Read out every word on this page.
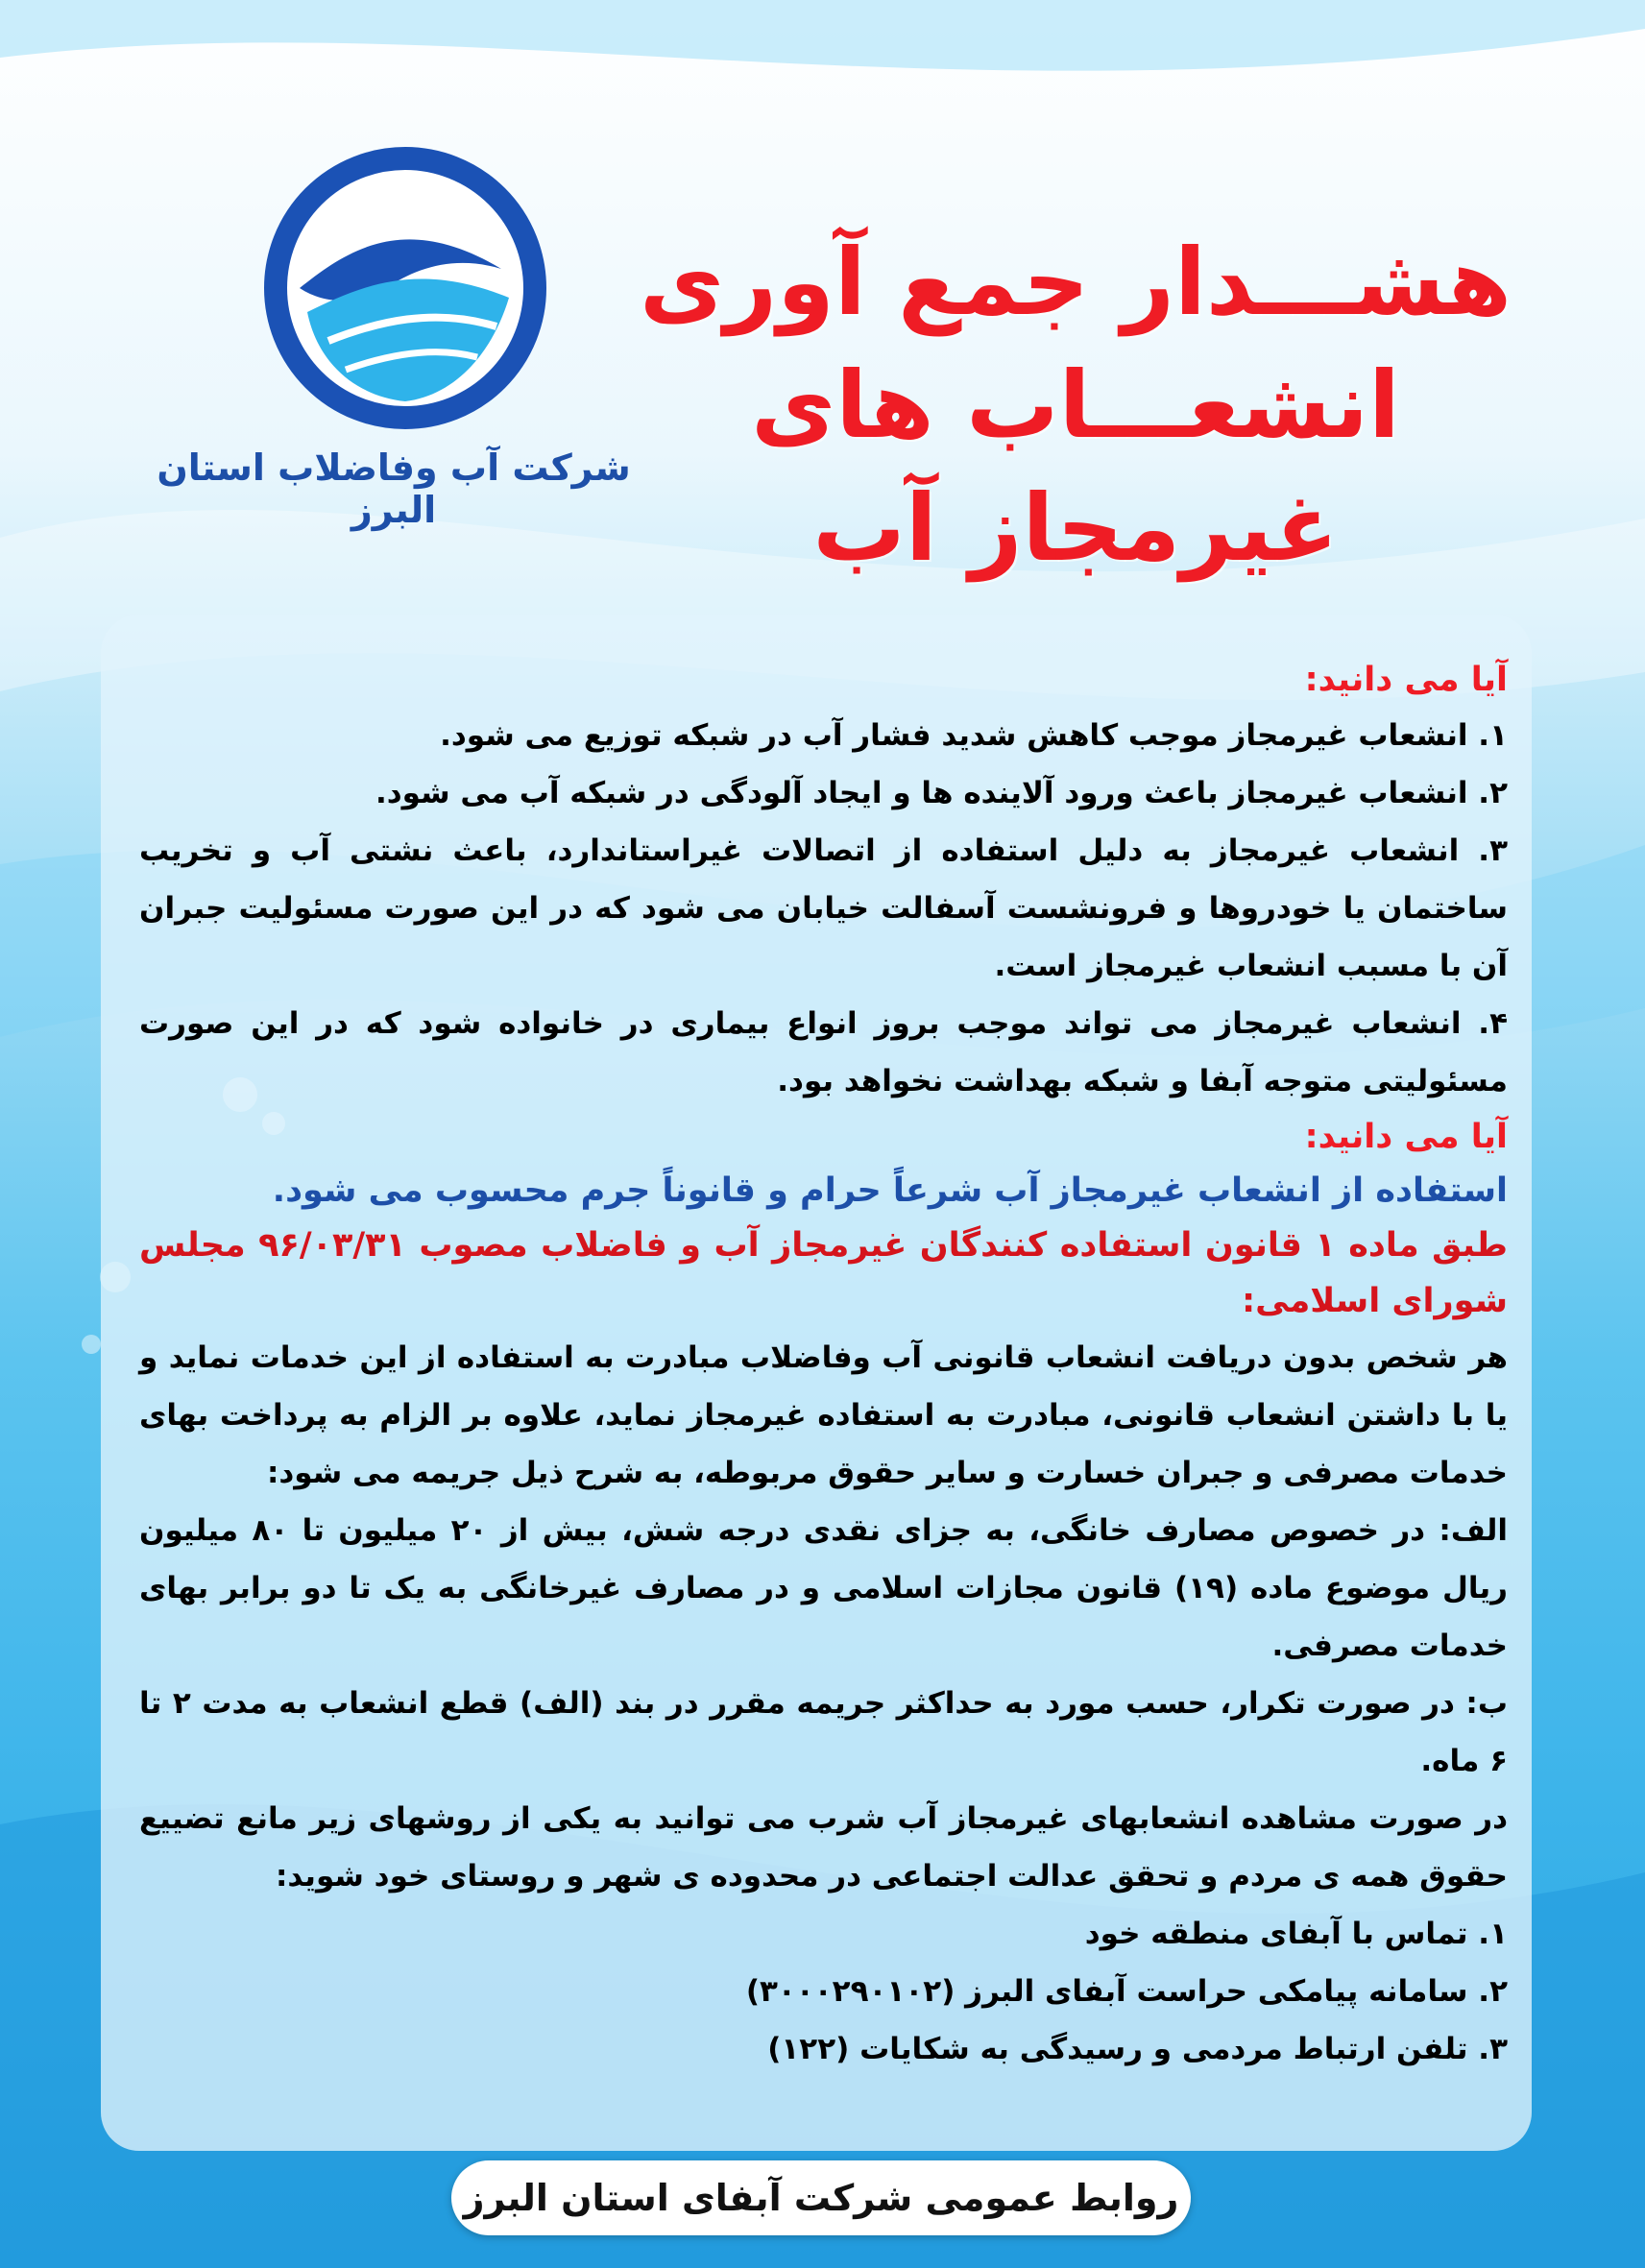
شرکت آب وفاضلاب استان البرز
هشـــدار جمع آوری
انشعـــاب های
غیرمجاز آب

آیا می دانید:

۱. انشعاب غیرمجاز موجب کاهش شدید فشار آب در شبکه توزیع می شود.

۲. انشعاب غیرمجاز باعث ورود آلاینده ها و ایجاد آلودگی در شبکه آب می شود.

۳. انشعاب غیرمجاز به دلیل استفاده از اتصالات غیراستاندارد، باعث نشتی آب و تخریب ساختمان یا خودروها و فرونشست آسفالت خیابان می شود که در این صورت مسئولیت جبران آن با مسبب انشعاب غیرمجاز است.

۴. انشعاب غیرمجاز می تواند موجب بروز انواع بیماری در خانواده شود که در این صورت مسئولیتی متوجه آبفا و شبکه بهداشت نخواهد بود.

آیا می دانید:

استفاده از انشعاب غیرمجاز آب شرعاً حرام و قانوناً جرم محسوب می شود.

طبق ماده ۱ قانون استفاده کنندگان غیرمجاز آب و فاضلاب مصوب ۹۶/۰۳/۳۱ مجلس شورای اسلامی:

هر شخص بدون دریافت انشعاب قانونی آب وفاضلاب مبادرت به استفاده از این خدمات نماید و یا با داشتن انشعاب قانونی، مبادرت به استفاده غیرمجاز نماید، علاوه بر الزام به پرداخت بهای خدمات مصرفی و جبران خسارت و سایر حقوق مربوطه، به شرح ذیل جریمه می شود:

الف: در خصوص مصارف خانگی، به جزای نقدی درجه شش، بیش از ۲۰ میلیون تا ۸۰ میلیون ریال موضوع ماده (۱۹) قانون مجازات اسلامی و در مصارف غیرخانگی به یک تا دو برابر بهای خدمات مصرفی.

ب: در صورت تکرار، حسب مورد به حداکثر جریمه مقرر در بند (الف) قطع انشعاب به مدت ۲ تا ۶ ماه.

در صورت مشاهده انشعابهای غیرمجاز آب شرب می توانید به یکی از روشهای زیر مانع تضییع حقوق همه ی مردم و تحقق عدالت اجتماعی در محدوده ی شهر و روستای خود شوید:

۱. تماس با آبفای منطقه خود

۲. سامانه پیامکی حراست آبفای البرز (۳۰۰۰۲۹۰۱۰۲)

۳. تلفن ارتباط مردمی و رسیدگی به شکایات (۱۲۲)

روابط عمومی شرکت آبفای استان البرز
